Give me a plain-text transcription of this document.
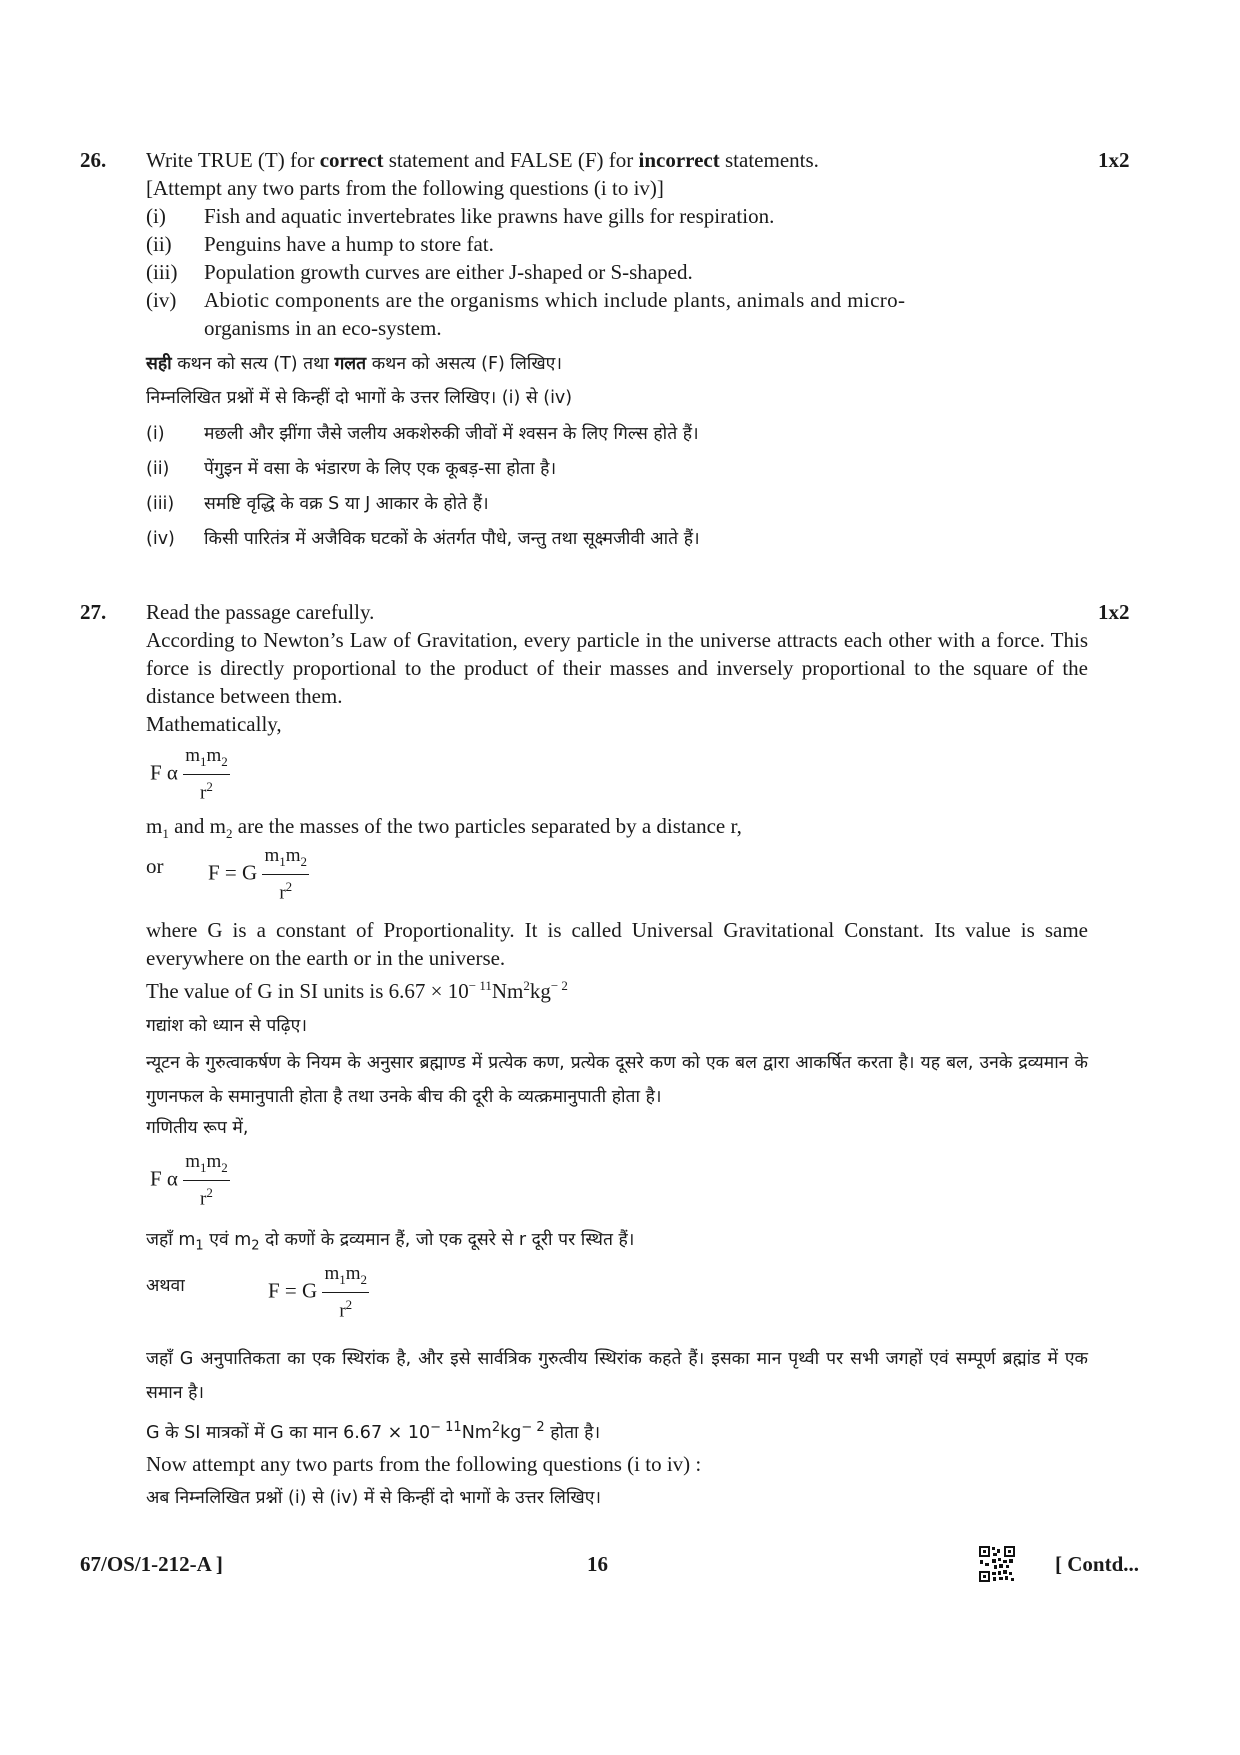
26.	1x2
Write TRUE (T) for correct statement and FALSE (F) for incorrect statements.
[Attempt any two parts from the following questions (i to iv)]
(i) Fish and aquatic invertebrates like prawns have gills for respiration.
(ii) Penguins have a hump to store fat.
(iii) Population growth curves are either J-shaped or S-shaped.
(iv) Abiotic components are the organisms which include plants, animals and micro-
organisms in an eco-system.
सही कथन को सत्य (T) तथा गलत कथन को असत्य (F) लिखिए।
निम्नलिखित प्रश्नों में से किन्हीं दो भागों के उत्तर लिखिए। (i) से (iv)
(i) मछली और झींगा जैसे जलीय अकशेरुकी जीवों में श्वसन के लिए गिल्स होते हैं।
(ii) पेंगुइन में वसा के भंडारण के लिए एक कूबड़-सा होता है।
(iii) समष्टि वृद्धि के वक्र S या J आकार के होते हैं।
(iv) किसी पारितंत्र में अजैविक घटकों के अंतर्गत पौधे, जन्तु तथा सूक्ष्मजीवी आते हैं।
27.	1x2
Read the passage carefully.
According to Newton’s Law of Gravitation, every particle in the universe attracts each other with a force. This force is directly proportional to the product of their masses and inversely proportional to the square of the distance between them.
Mathematically,
F α $\frac{m_1m_2}{r^2}$
$m_1$ and $m_2$ are the masses of the two particles separated by a distance r,
or F = G $\frac{m_1m_2}{r^2}$
where G is a constant of Proportionality. It is called Universal Gravitational Constant. Its value is same everywhere on the earth or in the universe.
The value of G in SI units is $6.67 \times 10^{- 11}Nm^2kg^{- 2}$
गद्यांश को ध्यान से पढ़िए।
न्यूटन के गुरुत्वाकर्षण के नियम के अनुसार ब्रह्माण्ड में प्रत्येक कण, प्रत्येक दूसरे कण को एक बल द्वारा आकर्षित करता है। यह बल, उनके द्रव्यमान के गुणनफल के समानुपाती होता है तथा उनके बीच की दूरी के व्यत्क्रमानुपाती होता है।
गणितीय रूप में,
F α $\frac{m_1m_2}{r^2}$
जहाँ $m_1$ एवं $m_2$ दो कणों के द्रव्यमान हैं, जो एक दूसरे से r दूरी पर स्थित हैं।
अथवा	F = G $\frac{m_1m_2}{r^2}$
जहाँ G अनुपातिकता का एक स्थिरांक है, और इसे सार्वत्रिक गुरुत्वीय स्थिरांक कहते हैं। इसका मान पृथ्वी पर सभी जगहों एवं सम्पूर्ण ब्रह्मांड में एक समान है।
G के SI मात्रकों में G का मान $6.67 \times 10^{- 11}Nm^2kg^{- 2}$ होता है।
Now attempt any two parts from the following questions (i to iv) :
अब निम्नलिखित प्रश्नों (i) से (iv) में से किन्हीं दो भागों के उत्तर लिखिए।
67/OS/1-212-A ]	16	[ Contd...
